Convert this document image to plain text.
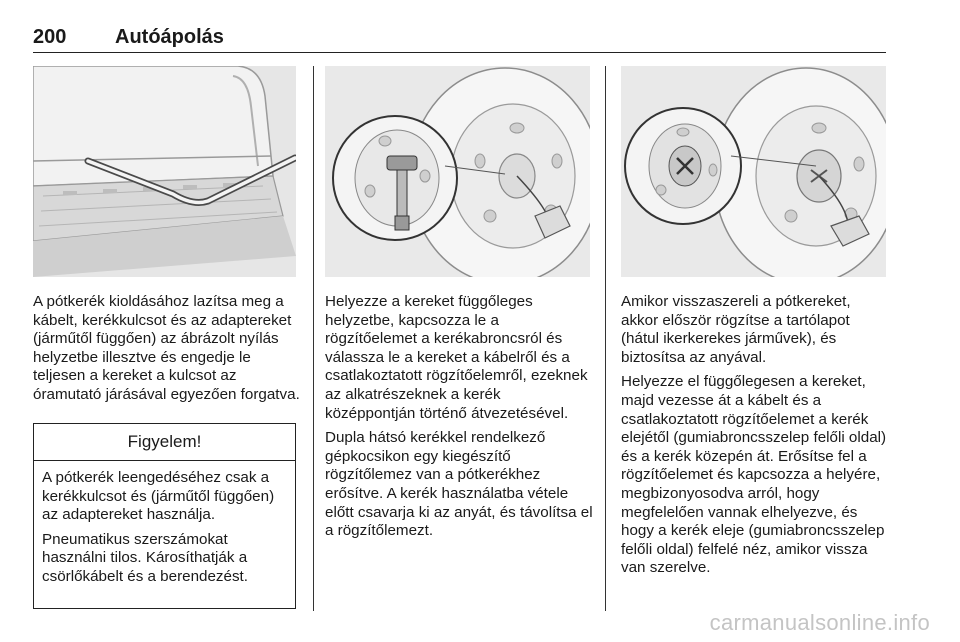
200 Autóápolás

A pótkerék kioldásához lazítsa meg a kábelt, kerékkulcsot és az adaptereket (járműtől függően) az ábrázolt nyílás helyzetbe illesztve és engedje le teljesen a kereket a kulcsot az óramutató járásával egyezően forgatva.

Figyelem!

A pótkerék leengedéséhez csak a kerékkulcsot és (járműtől függően) az adaptereket használja.

Pneumatikus szerszámokat használni tilos. Károsíthatják a csörlőkábelt és a berendezést.

Helyezze a kereket függőleges helyzetbe, kapcsozza le a rögzítőelemet a kerékabroncsról és válassza le a kereket a kábelről és a csatlakoztatott rögzítőelemről, ezeknek az alkatrészeknek a kerék középpontján történő átvezetésével.

Dupla hátsó kerékkel rendelkező gépkocsikon egy kiegészítő rögzítőlemez van a pótkerékhez erősítve. A kerék használatba vétele előtt csavarja ki az anyát, és távolítsa el a rögzítőlemezt.

Amikor visszaszereli a pótkereket, akkor először rögzítse a tartólapot (hátul ikerkerekes járművek), és biztosítsa az anyával.

Helyezze el függőlegesen a kereket, majd vezesse át a kábelt és a csatlakoztatott rögzítőelemet a kerék elejétől (gumiabroncsszelep felőli oldal) és a kerék közepén át. Erősítse fel a rögzítőelemet és kapcsozza a helyére, megbizonyosodva arról, hogy megfelelően vannak elhelyezve, és hogy a kerék eleje (gumiabroncsszelep felőli oldal) felfelé néz, amikor vissza van szerelve.

carmanualsonline.info
